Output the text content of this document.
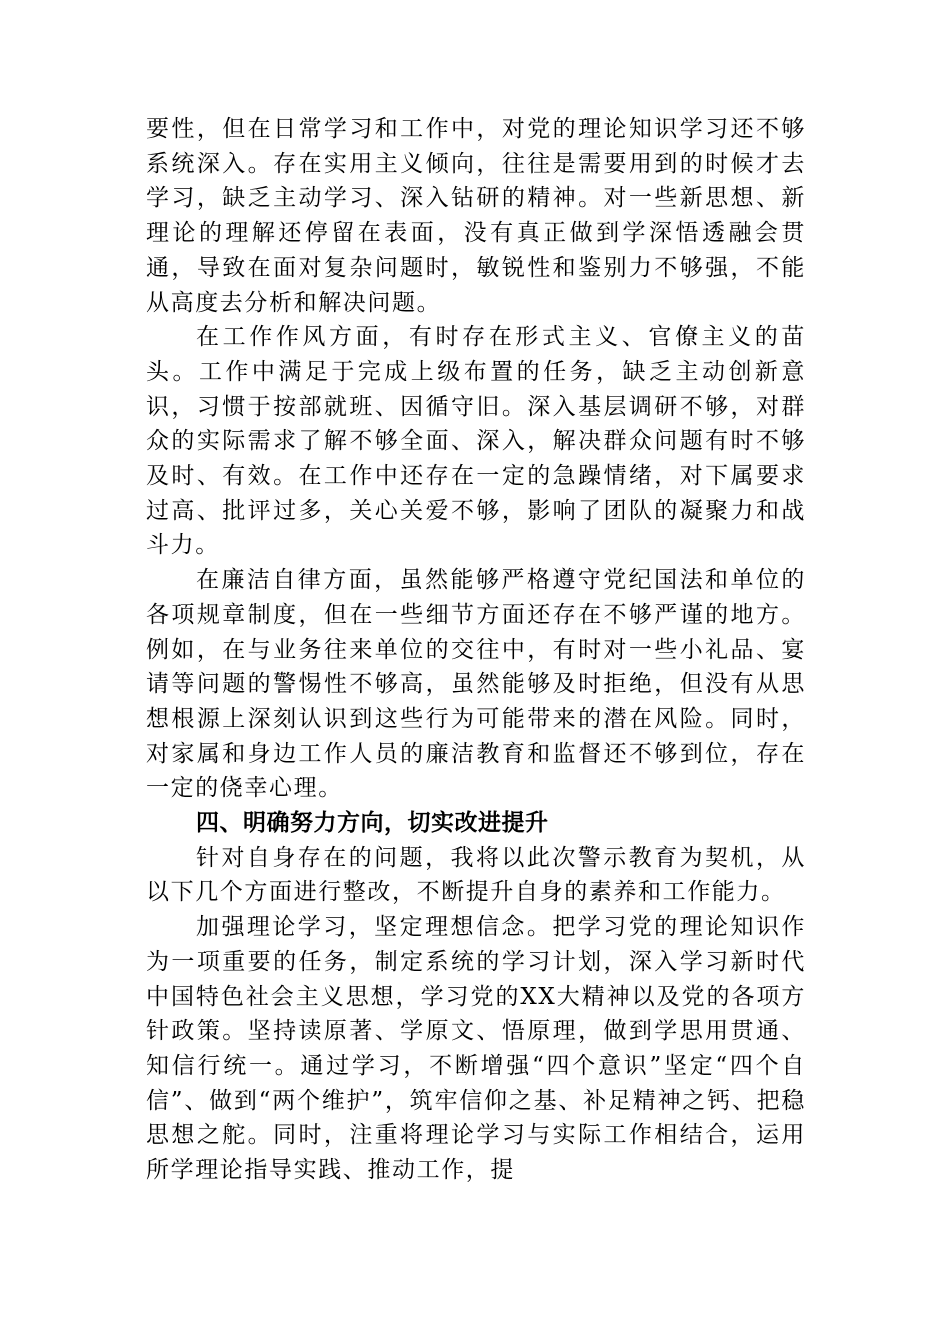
要性，但在日常学习和工作中，对党的理论知识学习还不够系统深入。存在实用主义倾向，往往是需要用到的时候才去学习，缺乏主动学习、深入钻研的精神。对一些新思想、新理论的理解还停留在表面，没有真正做到学深悟透融会贯通，导致在面对复杂问题时，敏锐性和鉴别力不够强，不能从高度去分析和解决问题。

在工作作风方面，有时存在形式主义、官僚主义的苗头。工作中满足于完成上级布置的任务，缺乏主动创新意识，习惯于按部就班、因循守旧。深入基层调研不够，对群众的实际需求了解不够全面、深入，解决群众问题有时不够及时、有效。在工作中还存在一定的急躁情绪，对下属要求过高、批评过多，关心关爱不够，影响了团队的凝聚力和战斗力。

在廉洁自律方面，虽然能够严格遵守党纪国法和单位的各项规章制度，但在一些细节方面还存在不够严谨的地方。例如，在与业务往来单位的交往中，有时对一些小礼品、宴请等问题的警惕性不够高，虽然能够及时拒绝，但没有从思想根源上深刻认识到这些行为可能带来的潜在风险。同时，对家属和身边工作人员的廉洁教育和监督还不够到位，存在一定的侥幸心理。

四、明确努力方向，切实改进提升

针对自身存在的问题，我将以此次警示教育为契机，从以下几个方面进行整改，不断提升自身的素养和工作能力。

加强理论学习，坚定理想信念。把学习党的理论知识作为一项重要的任务，制定系统的学习计划，深入学习新时代中国特色社会主义思想，学习党的XX大精神以及党的各项方针政策。坚持读原著、学原文、悟原理，做到学思用贯通、知信行统一。通过学习，不断增强“四个意识”坚定“四个自信”、做到“两个维护”，筑牢信仰之基、补足精神之钙、把稳思想之舵。同时，注重将理论学习与实际工作相结合，运用所学理论指导实践、推动工作，提
